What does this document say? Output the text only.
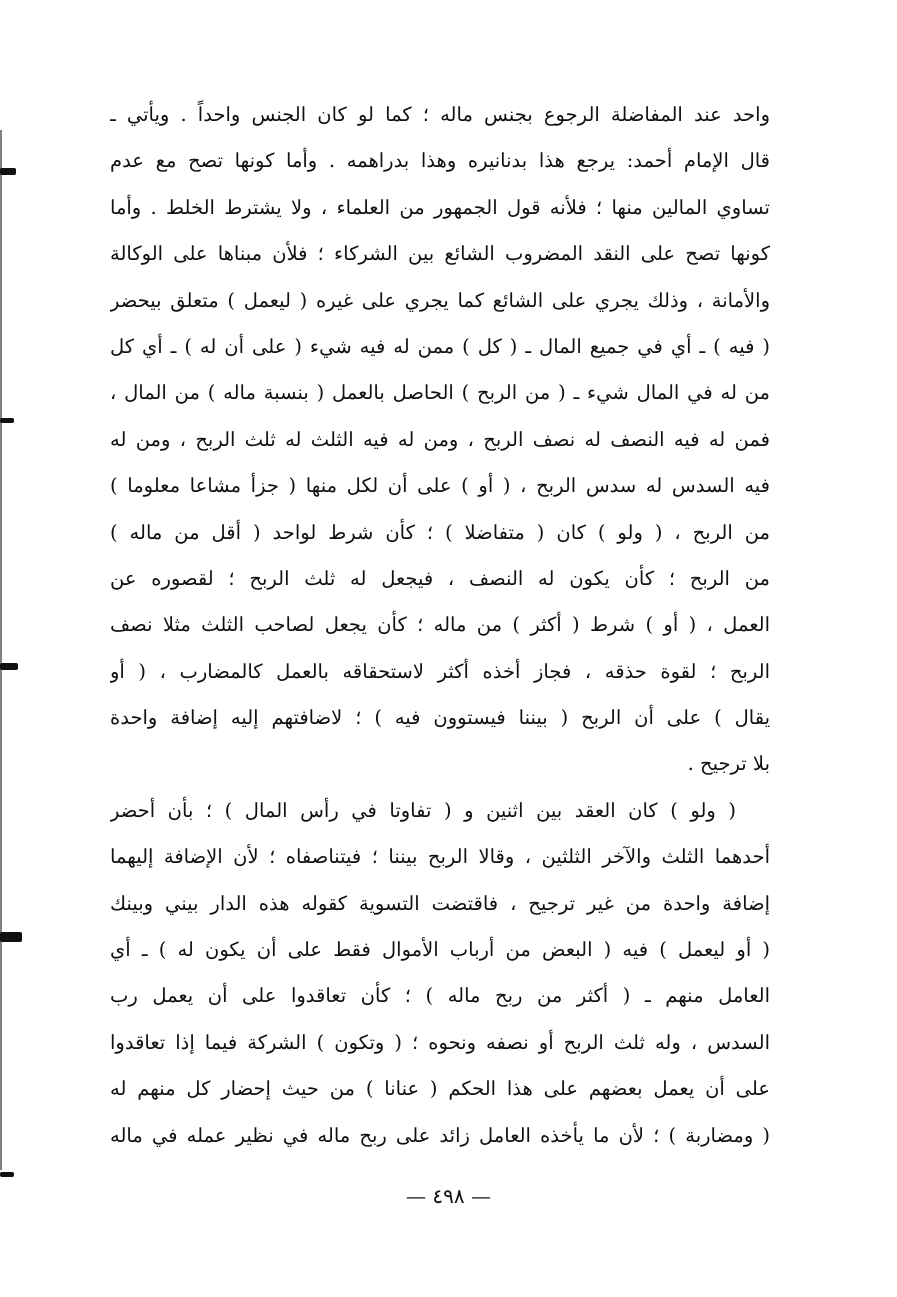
واحد عند المفاضلة الرجوع بجنس ماله ؛ كما لو كان الجنس واحداً . ويأتي ـ
قال الإمام أحمد: يرجع هذا بدنانيره وهذا بدراهمه . وأما كونها تصح مع عدم
تساوي المالين منها ؛ فلأنه قول الجمهور من العلماء ، ولا يشترط الخلط . وأما
كونها تصح على النقد المضروب الشائع بين الشركاء ؛ فلأن مبناها على الوكالة
والأمانة ، وذلك يجري على الشائع كما يجري على غيره ( ليعمل ) متعلق بيحضر
( فيه ) ـ أي في جميع المال ـ ( كل ) ممن له فيه شيء ( على أن له ) ـ أي كل
من له في المال شيء ـ ( من الربح ) الحاصل بالعمل ( بنسبة ماله ) من المال ،
فمن له فيه النصف له نصف الربح ، ومن له فيه الثلث له ثلث الربح ، ومن له
فيه السدس له سدس الربح ، ( أو ) على أن لكل منها ( جزأ مشاعا معلوما )
من الربح ، ( ولو ) كان ( متفاضلا ) ؛ كأن شرط لواحد ( أقل من ماله )
من الربح ؛ كأن يكون له النصف ، فيجعل له ثلث الربح ؛ لقصوره عن
العمل ، ( أو ) شرط ( أكثر ) من ماله ؛ كأن يجعل لصاحب الثلث مثلا نصف
الربح ؛ لقوة حذقه ، فجاز أخذه أكثر لاستحقاقه بالعمل كالمضارب ، ( أو
يقال ) على أن الربح ( بيننا فيستوون فيه ) ؛ لاضافتهم إليه إضافة واحدة
بلا ترجيح .
( ولو ) كان العقد بين اثنين و ( تفاوتا في رأس المال ) ؛ بأن أحضر
أحدهما الثلث والآخر الثلثين ، وقالا الربح بيننا ؛ فيتناصفاه ؛ لأن الإضافة إليهما
إضافة واحدة من غير ترجيح ، فاقتضت التسوية كقوله هذه الدار بيني وبينك
( أو ليعمل ) فيه ( البعض من أرباب الأموال فقط على أن يكون له ) ـ أي
العامل منهم ـ ( أكثر من ربح ماله ) ؛ كأن تعاقدوا على أن يعمل رب
السدس ، وله ثلث الربح أو نصفه ونحوه ؛ ( وتكون ) الشركة فيما إذا تعاقدوا
على أن يعمل بعضهم على هذا الحكم ( عنانا ) من حيث إحضار كل منهم له
( ومضاربة ) ؛ لأن ما يأخذه العامل زائد على ربح ماله في نظير عمله في ماله
— ٤٩٨ —
